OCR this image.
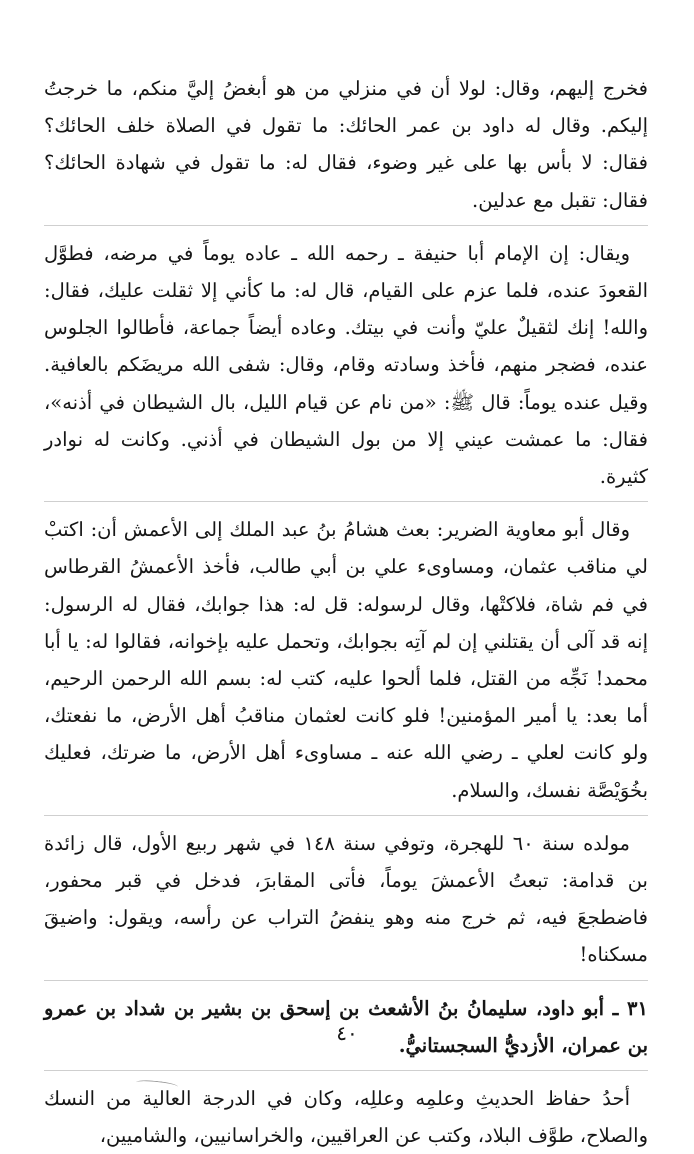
فخرج إليهم، وقال: لولا أن في منزلي من هو أبغضُ إليَّ منكم، ما خرجتُ إليكم. وقال له داود بن عمر الحائك: ما تقول في الصلاة خلف الحائك؟ فقال: لا بأس بها على غير وضوء، فقال له: ما تقول في شهادة الحائك؟ فقال: تقبل مع عدلين.

ويقال: إن الإمام أبا حنيفة ـ رحمه الله ـ عاده يوماً في مرضه، فطوَّل القعودَ عنده، فلما عزم على القيام، قال له: ما كأني إلا ثقلت عليك، فقال: والله! إنك لثقيلٌ عليّ وأنت في بيتك. وعاده أيضاً جماعة، فأطالوا الجلوس عنده، فضجر منهم، فأخذ وسادته وقام، وقال: شفى الله مريضَكم بالعافية. وقيل عنده يوماً: قال ﷺ: «من نام عن قيام الليل، بال الشيطان في أذنه»، فقال: ما عمشت عيني إلا من بول الشيطان في أذني. وكانت له نوادر كثيرة.

وقال أبو معاوية الضرير: بعث هشامُ بنُ عبد الملك إلى الأعمش أن: اكتبْ لي مناقب عثمان، ومساوىء علي بن أبي طالب، فأخذ الأعمشُ القرطاس في فم شاة، فلاكتْها، وقال لرسوله: قل له: هذا جوابك، فقال له الرسول: إنه قد آلى أن يقتلني إن لم آتِه بجوابك، وتحمل عليه بإخوانه، فقالوا له: يا أبا محمد! نَجِّه من القتل، فلما ألحوا عليه، كتب له: بسم الله الرحمن الرحيم، أما بعد: يا أمير المؤمنين! فلو كانت لعثمان مناقبُ أهل الأرض، ما نفعتك، ولو كانت لعلي ـ رضي الله عنه ـ مساوىء أهل الأرض، ما ضرتك، فعليك بخُوَيْصَّة نفسك، والسلام.

مولده سنة ٦٠ للهجرة، وتوفي سنة ١٤٨ في شهر ربيع الأول، قال زائدة بن قدامة: تبعتُ الأعمشَ يوماً، فأتى المقابرَ، فدخل في قبر محفور، فاضطجعَ فيه، ثم خرج منه وهو ينفضُ التراب عن رأسه، ويقول: واضيقَ مسكناه!

٣١ ـ أبو داود، سليمانُ بنُ الأشعث بن إسحق بن بشير بن شداد بن عمرو بن عمران، الأزديُّ السجستانيُّ.

أحدُ حفاظ الحديثِ وعلمِه وعللِه، وكان في الدرجة العالية من النسك والصلاح، طوَّف البلاد، وكتب عن العراقيين، والخراسانيين، والشاميين،

٤٠
